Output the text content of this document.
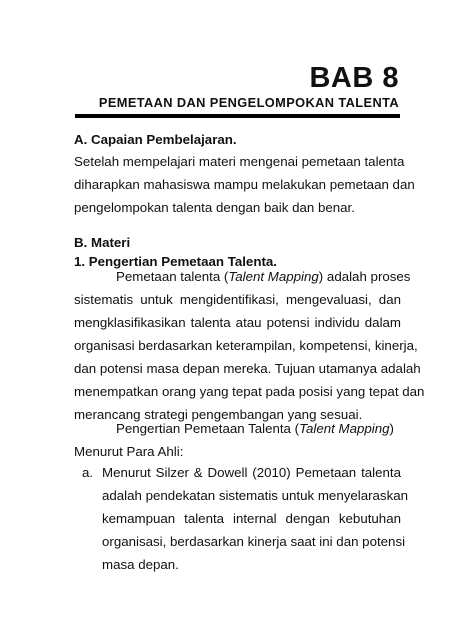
BAB 8
PEMETAAN DAN PENGELOMPOKAN TALENTA
A. Capaian Pembelajaran.
Setelah mempelajari materi mengenai pemetaan talenta
diharapkan mahasiswa mampu melakukan pemetaan dan
pengelompokan talenta dengan baik dan benar.
B. Materi
1. Pengertian Pemetaan Talenta.
Pemetaan talenta (Talent Mapping) adalah proses
sistematis untuk mengidentifikasi, mengevaluasi, dan
mengklasifikasikan talenta atau potensi individu dalam
organisasi berdasarkan keterampilan, kompetensi, kinerja,
dan potensi masa depan mereka. Tujuan utamanya adalah
menempatkan orang yang tepat pada posisi yang tepat dan
merancang strategi pengembangan yang sesuai.
Pengertian Pemetaan Talenta (Talent Mapping)
Menurut Para Ahli:
a. Menurut Silzer & Dowell (2010) Pemetaan talenta
adalah pendekatan sistematis untuk menyelaraskan
kemampuan talenta internal dengan kebutuhan
organisasi, berdasarkan kinerja saat ini dan potensi
masa depan.
